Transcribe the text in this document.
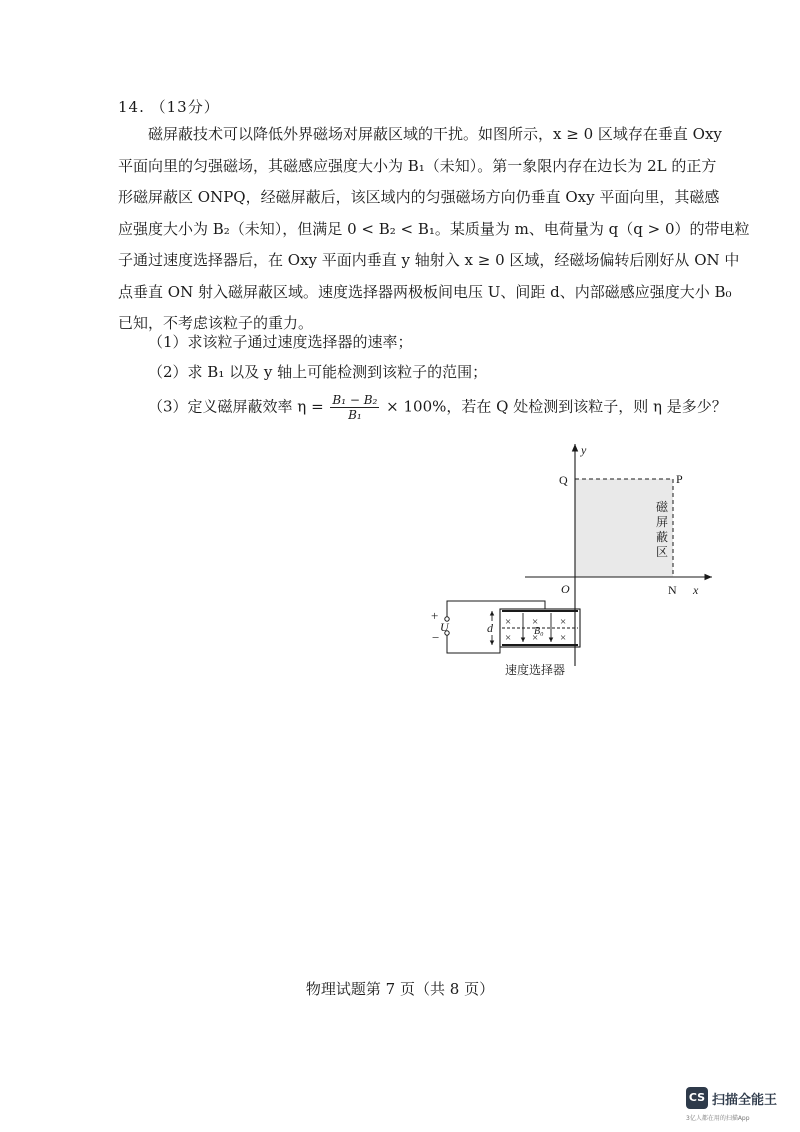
14. （13分）
磁屏蔽技术可以降低外界磁场对屏蔽区域的干扰。如图所示，x ≥ 0 区域存在垂直 Oxy
平面向里的匀强磁场，其磁感应强度大小为 B₁（未知）。第一象限内存在边长为 2L 的正方
形磁屏蔽区 ONPQ，经磁屏蔽后，该区域内的匀强磁场方向仍垂直 Oxy 平面向里，其磁感
应强度大小为 B₂（未知），但满足 0 < B₂ < B₁。某质量为 m、电荷量为 q（q > 0）的带电粒
子通过速度选择器后，在 Oxy 平面内垂直 y 轴射入 x ≥ 0 区域，经磁场偏转后刚好从 ON 中
点垂直 ON 射入磁屏蔽区域。速度选择器两极板间电压 U、间距 d、内部磁感应强度大小 B₀
已知，不考虑该粒子的重力。
（1）求该粒子通过速度选择器的速率；
（2）求 B₁ 以及 y 轴上可能检测到该粒子的范围；
（3）定义磁屏蔽效率 $\eta = \frac{\text{B₁ − B₂}}{\text{B₁}} \times 100\%$，若在 Q 处检测到该粒子，则 η 是多少？
y
x
O
Q	P
N
磁
屏
蔽
区
+
−
U	× × ×
× × ×
B₀
d
速度选择器
物理试题第 7 页（共 8 页）
CS 扫描全能王
3亿人都在用的扫描App
